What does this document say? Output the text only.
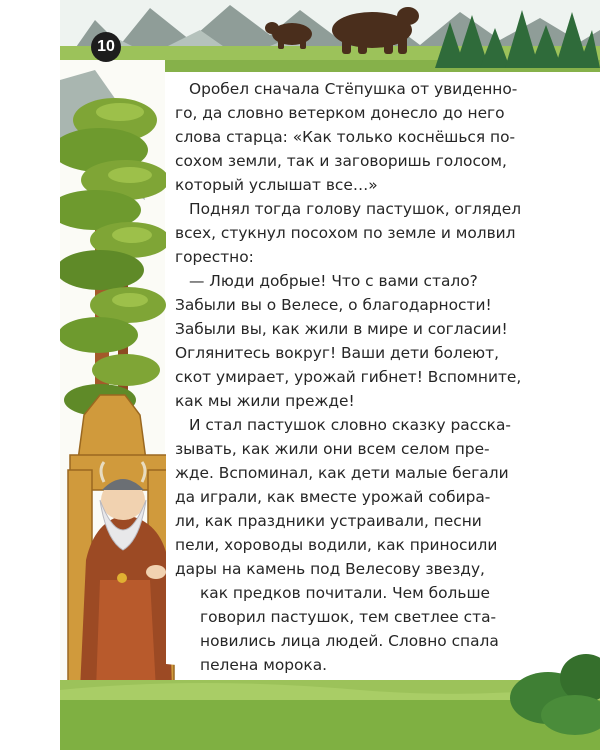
10
Оробел сначала Стёпушка от увиденно-
го, да словно ветерком донесло до него
слова старца: «Как только коснёшься по-
сохом земли, так и заговоришь голосом,
который услышат все…»
Поднял тогда голову пастушок, оглядел
всех, стукнул посохом по земле и молвил
горестно:
— Люди добрые! Что с вами стало?
Забыли вы о Велесе, о благодарности!
Забыли вы, как жили в мире и согласии!
Оглянитесь вокруг! Ваши дети болеют,
скот умирает, урожай гибнет! Вспомните,
как мы жили прежде!
И стал пастушок словно сказку расска-
зывать, как жили они всем селом пре-
жде. Вспоминал, как дети малые бегали
да играли, как вместе урожай собира-
ли, как праздники устраивали, песни
пели, хороводы водили, как приносили
дары на камень под Велесову звезду,
как предков почитали. Чем больше
говорил пастушок, тем светлее ста-
новились лица людей. Словно спала
пелена морока.
